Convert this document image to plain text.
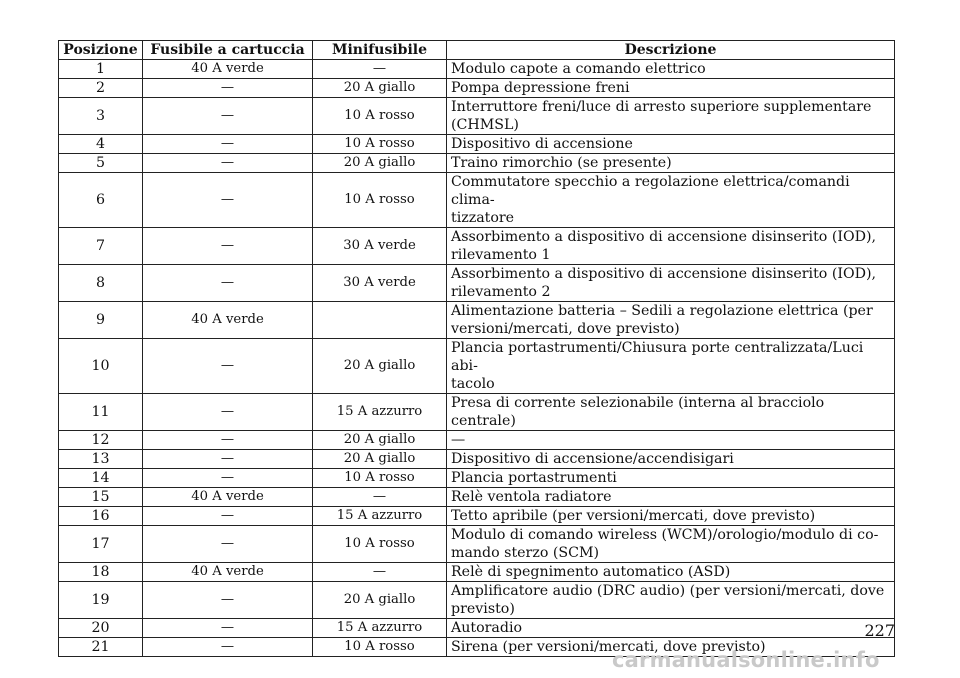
Posizione	Fusibile a cartuccia	Minifusibile	Descrizione
1	40 A verde	—	Modulo capote a comando elettrico

2	—	20 A giallo	Pompa depressione freni

3	—	10 A rosso	Interruttore freni/luce di arresto superiore supplementare
(CHMSL)

4	—	10 A rosso	Dispositivo di accensione

5	—	20 A giallo	Traino rimorchio (se presente)

6	—	10 A rosso	Commutatore specchio a regolazione elettrica/comandi clima-
tizzatore

7	—	30 A verde	Assorbimento a dispositivo di accensione disinserito (IOD),
rilevamento 1

8	—	30 A verde	Assorbimento a dispositivo di accensione disinserito (IOD),
rilevamento 2

9	40 A verde		Alimentazione batteria – Sedili a regolazione elettrica (per
versioni/mercati, dove previsto)

10	—	20 A giallo	Plancia portastrumenti/Chiusura porte centralizzata/Luci abi-
tacolo

11	—	15 A azzurro	Presa di corrente selezionabile (interna al bracciolo centrale)

12	—	20 A giallo	—

13	—	20 A giallo	Dispositivo di accensione/accendisigari

14	—	10 A rosso	Plancia portastrumenti

15	40 A verde	—	Relè ventola radiatore

16	—	15 A azzurro	Tetto apribile (per versioni/mercati, dove previsto)

17	—	10 A rosso	Modulo di comando wireless (WCM)/orologio/modulo di co-
mando sterzo (SCM)

18	40 A verde	—	Relè di spegnimento automatico (ASD)

19	—	20 A giallo	Amplificatore audio (DRC audio) (per versioni/mercati, dove
previsto)

20	—	15 A azzurro	Autoradio

21	—	10 A rosso	Sirena (per versioni/mercati, dove previsto)
227
carmanualsonline.info
